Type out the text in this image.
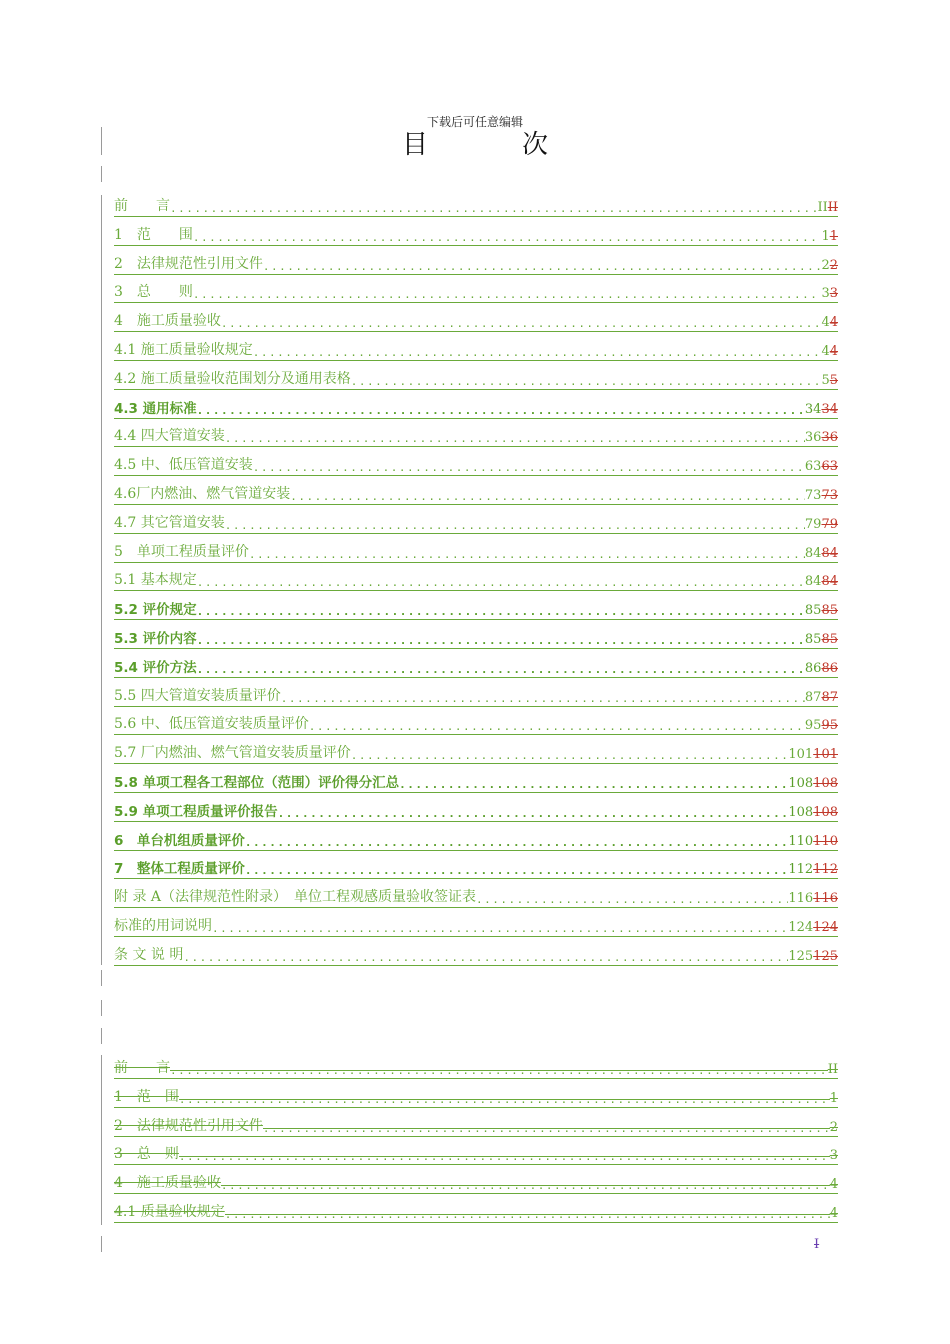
下载后可任意编辑
目　次
前　　言 .....	IIII
1　范　　围 .....	11
2　法律规范性引用文件 .....	22
3　总　　则 .....	33
4　施工质量验收 .....	44
4.1 施工质量验收规定 .....	44
4.2 施工质量验收范围划分及通用表格 .....	55
4.3 通用标准 .....	3434
4.4 四大管道安装 .....	3636
4.5 中、低压管道安装 .....	6363
4.6厂内燃油、燃气管道安装 .....	7373
4.7 其它管道安装 .....	7979
5　单项工程质量评价 .....	8484
5.1 基本规定 .....	8484
5.2 评价规定 .....	8585
5.3 评价内容 .....	8585
5.4 评价方法 .....	8686
5.5 四大管道安装质量评价 .....	8787
5.6 中、低压管道安装质量评价 .....	9595
5.7 厂内燃油、燃气管道安装质量评价 .....	101101
5.8 单项工程各工程部位（范围）评价得分汇总 .....	108108
5.9 单项工程质量评价报告 .....	108108
6　单台机组质量评价 .....	110110
7　整体工程质量评价 .....	112112
附 录 A（法律规范性附录）　单位工程观感质量验收签证表 .....	116116
标准的用词说明 .....	124124
条 文 说 明 .....	125125
前　　言 .....	II
1　范　围 .....	1
2　法律规范性引用文件 .....	2
3　总　则 .....	3
4　施工质量验收 .....	4
4.1 质量验收规定 .....	4
I
